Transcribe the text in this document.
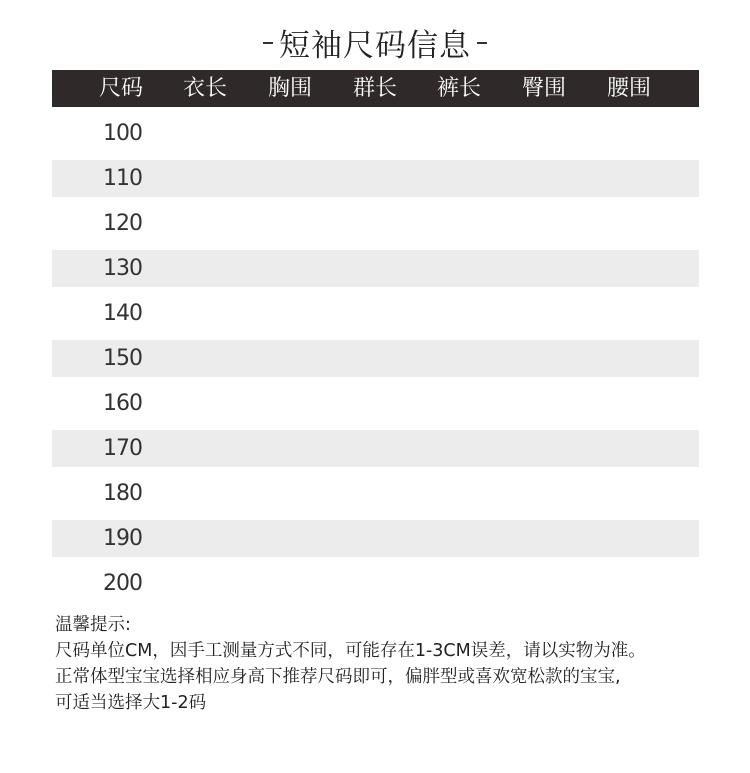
短袖尺码信息
尺码	衣长	胸围	群长	裤长	臀围	腰围
100
110
120
130
140
150
160
170
180
190
200
温馨提示:
尺码单位CM，因手工测量方式不同，可能存在1-3CM误差，请以实物为准。
正常体型宝宝选择相应身高下推荐尺码即可，偏胖型或喜欢宽松款的宝宝,
可适当选择大1-2码
